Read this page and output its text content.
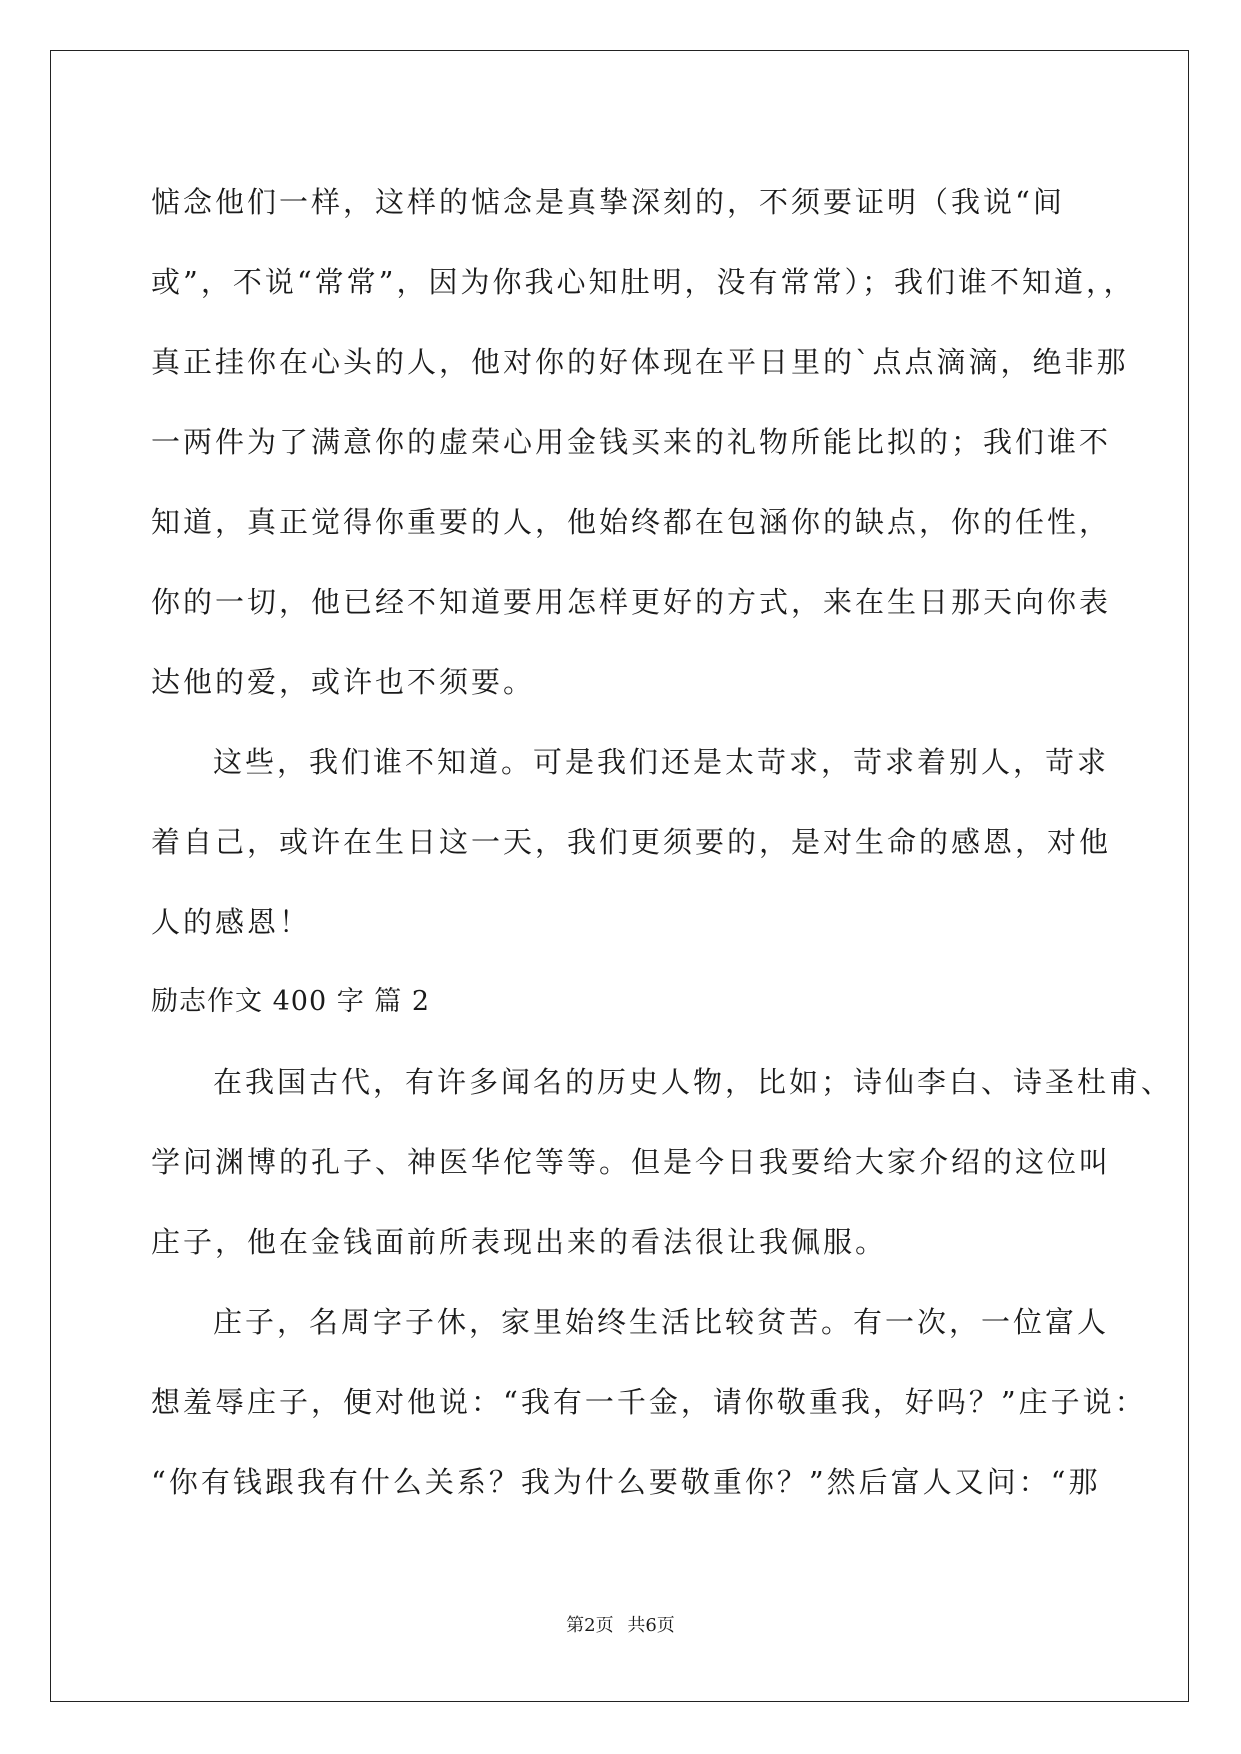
惦念他们一样，这样的惦念是真挚深刻的，不须要证明（我说“间
或”，不说“常常”，因为你我心知肚明，没有常常）；我们谁不知道，，
真正挂你在心头的人，他对你的好体现在平日里的`点点滴滴，绝非那
一两件为了满意你的虚荣心用金钱买来的礼物所能比拟的；我们谁不
知道，真正觉得你重要的人，他始终都在包涵你的缺点，你的任性，
你的一切，他已经不知道要用怎样更好的方式，来在生日那天向你表
达他的爱，或许也不须要。
这些，我们谁不知道。可是我们还是太苛求，苛求着别人，苛求
着自己，或许在生日这一天，我们更须要的，是对生命的感恩，对他
人的感恩！
励志作文 400 字 篇 2
在我国古代，有许多闻名的历史人物，比如；诗仙李白、诗圣杜甫、
学问渊博的孔子、神医华佗等等。但是今日我要给大家介绍的这位叫
庄子，他在金钱面前所表现出来的看法很让我佩服。
庄子，名周字子休，家里始终生活比较贫苦。有一次，一位富人
想羞辱庄子，便对他说：“我有一千金，请你敬重我，好吗？”庄子说：
“你有钱跟我有什么关系？我为什么要敬重你？”然后富人又问：“那
第2页 共6页
